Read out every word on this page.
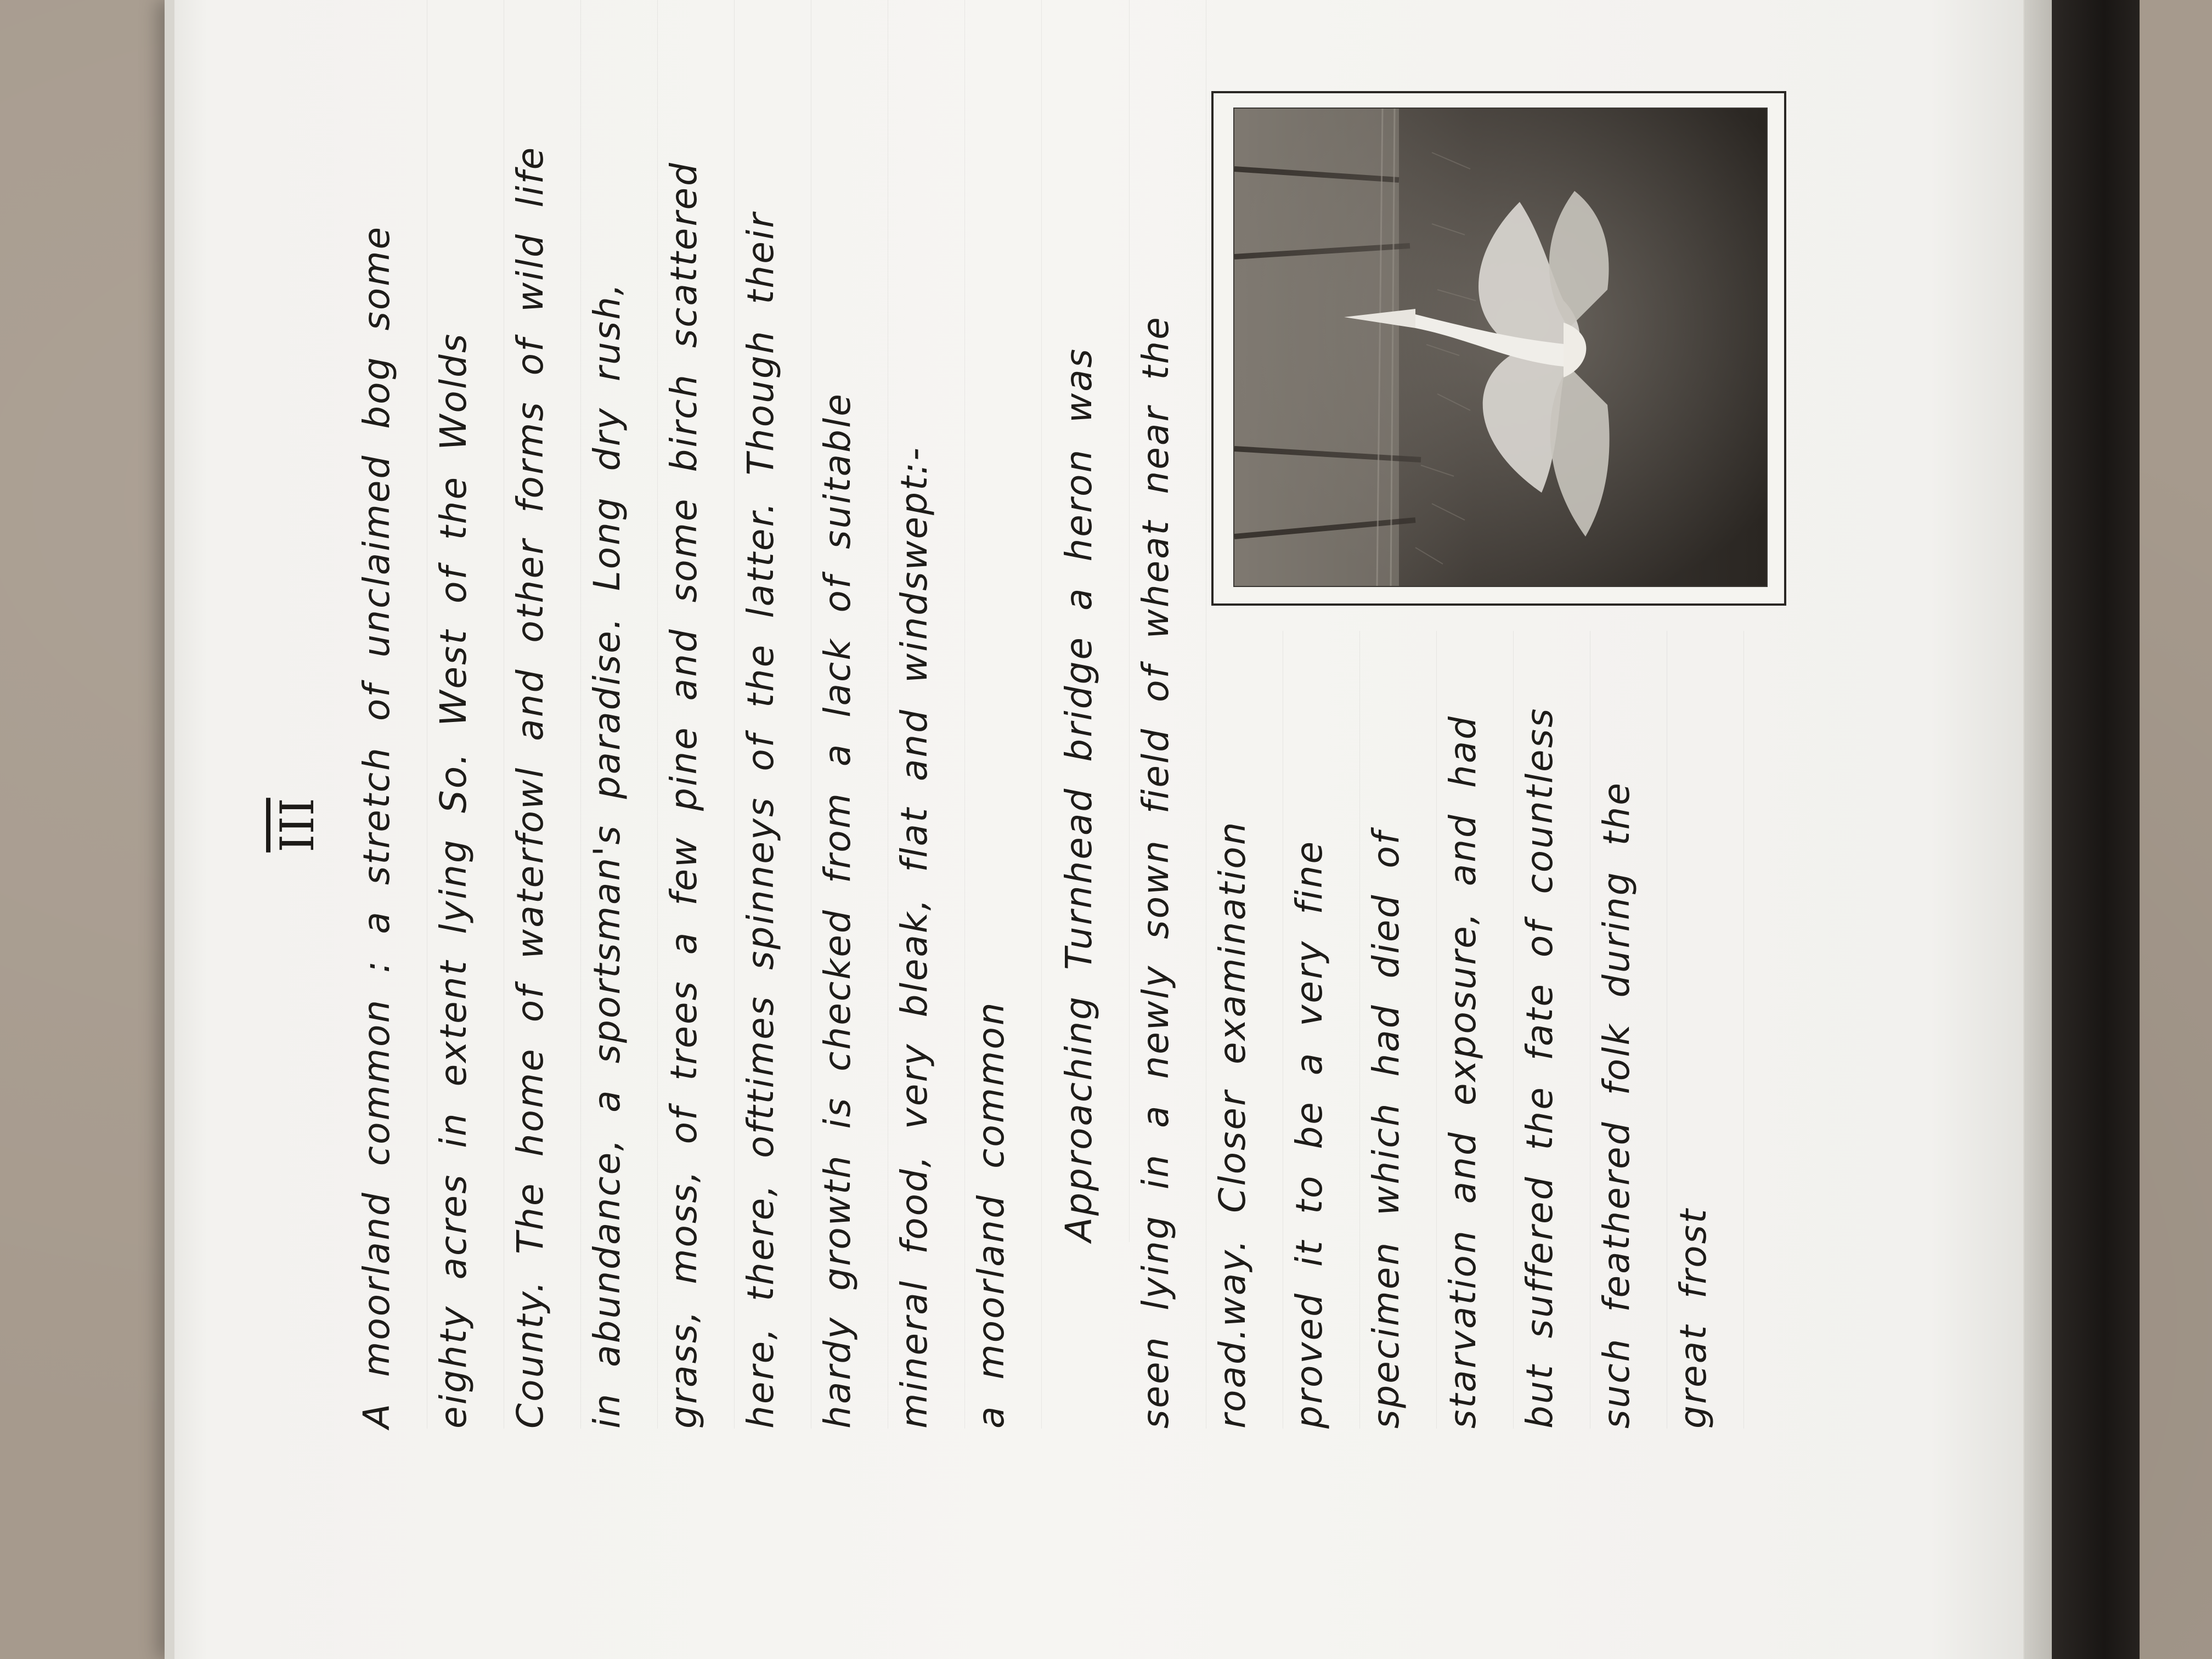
$\overline{III}$ A moorland common : a stretch of unclaimed bog some eighty acres in extent lying So. West of the Wolds County. The home of waterfowl and other forms of wild life in abundance, a sportsman's paradise. Long dry rush, grass, moss, of trees a few pine and some birch scattered here, there, ofttimes spinneys of the latter. Though their hardy growth is checked from a lack of suitable mineral food, very bleak, flat and windswept:- a moorland common	Approaching Turnhead bridge a heron was seen lying in a newly sown field of wheat near the road.way. Closer examination proved it to be a very fine specimen which had died of starvation and exposure, and had but suffered the fate of countless such feathered folk during the great frost
